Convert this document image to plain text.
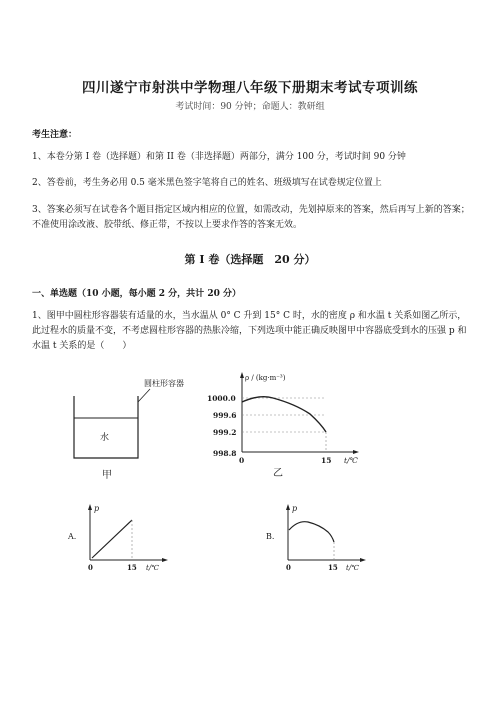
四川遂宁市射洪中学物理八年级下册期末考试专项训练
考试时间：90 分钟；命题人：教研组
考生注意：
1、本卷分第 I 卷（选择题）和第 II 卷（非选择题）两部分，满分 100 分，考试时间 90 分钟
2、答卷前，考生务必用 0.5 毫米黑色签字笔将自己的姓名、班级填写在试卷规定位置上
3、答案必须写在试卷各个题目指定区域内相应的位置，如需改动，先划掉原来的答案，然后再写上新的答案；不准使用涂改液、胶带纸、修正带，不按以上要求作答的答案无效。
第 I 卷（选择题　20 分）
一、单选题（10 小题，每小题 2 分，共计 20 分）
1、图甲中圆柱形容器装有适量的水，当水温从 0° C 升到 15° C 时，水的密度 ρ 和水温 t 关系如图乙所示，此过程水的质量不变，不考虑圆柱形容器的热胀冷缩，下列选项中能正确反映图甲中容器底受到水的压强 p 和水温 t 关系的是（　　）
圆柱形容器
水
甲
ρ / (kg·m⁻³)
1000.0
999.6
999.2
998.8
0	15 t/℃
乙
A.
p
0	15 t/℃
B.
p
0	15 t/℃
